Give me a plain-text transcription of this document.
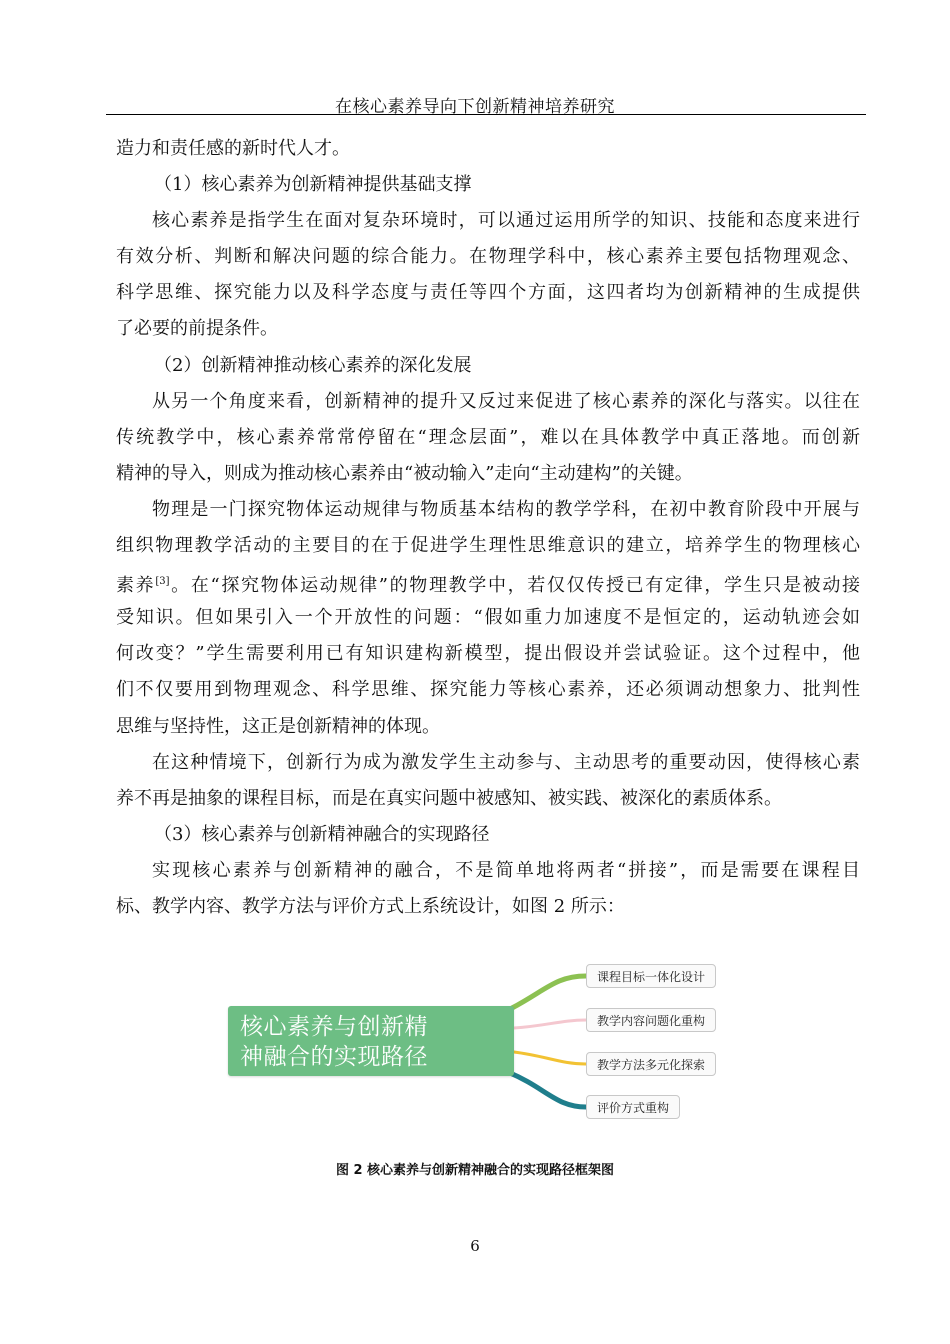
在核心素养导向下创新精神培养研究
造力和责任感的新时代人才。
（1）核心素养为创新精神提供基础支撑
核心素养是指学生在面对复杂环境时，可以通过运用所学的知识、技能和态度来进行
有效分析、判断和解决问题的综合能力。在物理学科中，核心素养主要包括物理观念、
科学思维、探究能力以及科学态度与责任等四个方面，这四者均为创新精神的生成提供
了必要的前提条件。
（2）创新精神推动核心素养的深化发展
从另一个角度来看，创新精神的提升又反过来促进了核心素养的深化与落实。以往在
传统教学中，核心素养常常停留在“理念层面”，难以在具体教学中真正落地。而创新
精神的导入，则成为推动核心素养由“被动输入”走向“主动建构”的关键。
物理是一门探究物体运动规律与物质基本结构的教学学科，在初中教育阶段中开展与
组织物理教学活动的主要目的在于促进学生理性思维意识的建立，培养学生的物理核心
素养[3]。在“探究物体运动规律”的物理教学中，若仅仅传授已有定律，学生只是被动接
受知识。但如果引入一个开放性的问题：“假如重力加速度不是恒定的，运动轨迹会如
何改变？”学生需要利用已有知识建构新模型，提出假设并尝试验证。这个过程中，他
们不仅要用到物理观念、科学思维、探究能力等核心素养，还必须调动想象力、批判性
思维与坚持性，这正是创新精神的体现。
在这种情境下，创新行为成为激发学生主动参与、主动思考的重要动因，使得核心素
养不再是抽象的课程目标，而是在真实问题中被感知、被实践、被深化的素质体系。
（3）核心素养与创新精神融合的实现路径
实现核心素养与创新精神的融合，不是简单地将两者“拼接”，而是需要在课程目
标、教学内容、教学方法与评价方式上系统设计，如图 2 所示：
核心素养与创新精
神融合的实现路径
课程目标一体化设计
教学内容问题化重构
教学方法多元化探索
评价方式重构
图 2 核心素养与创新精神融合的实现路径框架图
6
